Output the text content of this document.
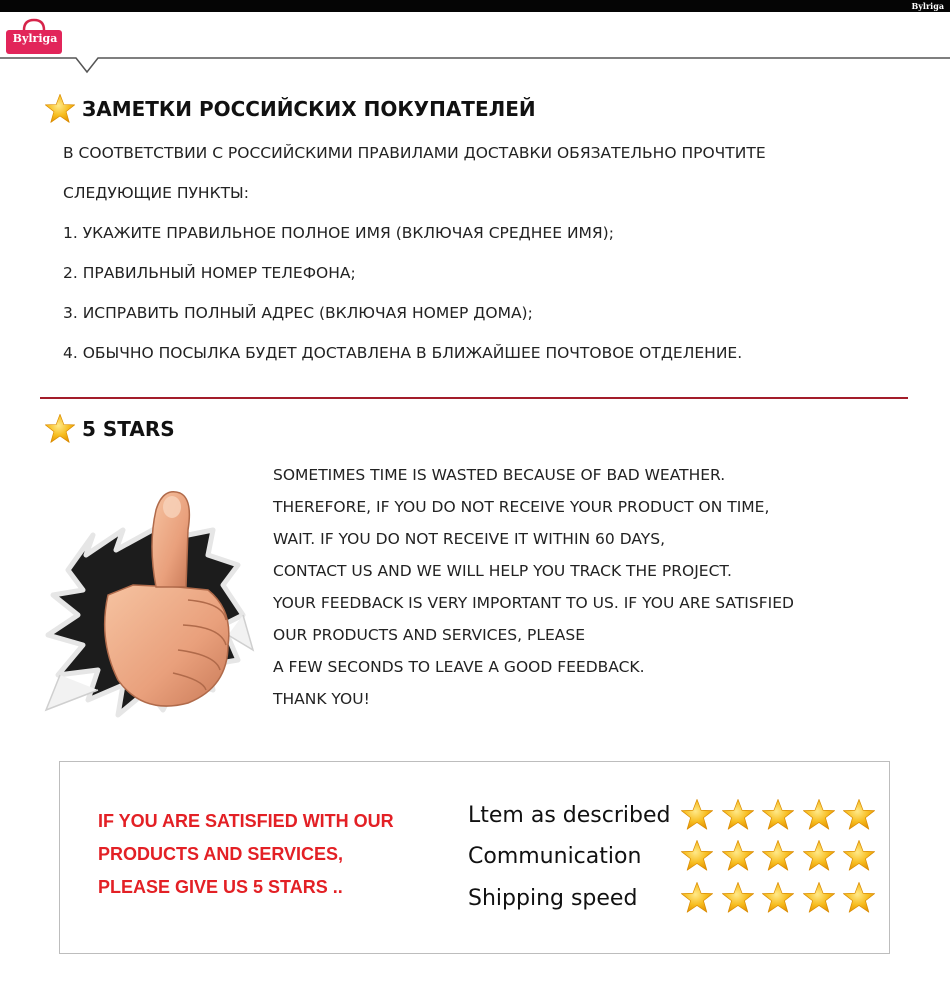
Bylriga
Bylriga
ЗАМЕТКИ РОССИЙСКИХ ПОКУПАТЕЛЕЙ
В СООТВЕТСТВИИ С РОССИЙСКИМИ ПРАВИЛАМИ ДОСТАВКИ ОБЯЗАТЕЛЬНО ПРОЧТИТЕ
СЛЕДУЮЩИЕ ПУНКТЫ:
1. УКАЖИТЕ ПРАВИЛЬНОЕ ПОЛНОЕ ИМЯ (ВКЛЮЧАЯ СРЕДНЕЕ ИМЯ);
2. ПРАВИЛЬНЫЙ НОМЕР ТЕЛЕФОНА;
3. ИСПРАВИТЬ ПОЛНЫЙ АДРЕС (ВКЛЮЧАЯ НОМЕР ДОМА);
4. ОБЫЧНО ПОСЫЛКА БУДЕТ ДОСТАВЛЕНА В БЛИЖАЙШЕЕ ПОЧТОВОЕ ОТДЕЛЕНИЕ.
5 STARS
SOMETIMES TIME IS WASTED BECAUSE OF BAD WEATHER.
THEREFORE, IF YOU DO NOT RECEIVE YOUR PRODUCT ON TIME,
WAIT. IF YOU DO NOT RECEIVE IT WITHIN 60 DAYS,
CONTACT US AND WE WILL HELP YOU TRACK THE PROJECT.
YOUR FEEDBACK IS VERY IMPORTANT TO US. IF YOU ARE SATISFIED
OUR PRODUCTS AND SERVICES, PLEASE
A FEW SECONDS TO LEAVE A GOOD FEEDBACK.
THANK YOU!
IF YOU ARE SATISFIED WITH OUR
PRODUCTS AND SERVICES,
PLEASE GIVE US 5 STARS ..
Ltem as described
Communication
Shipping speed
